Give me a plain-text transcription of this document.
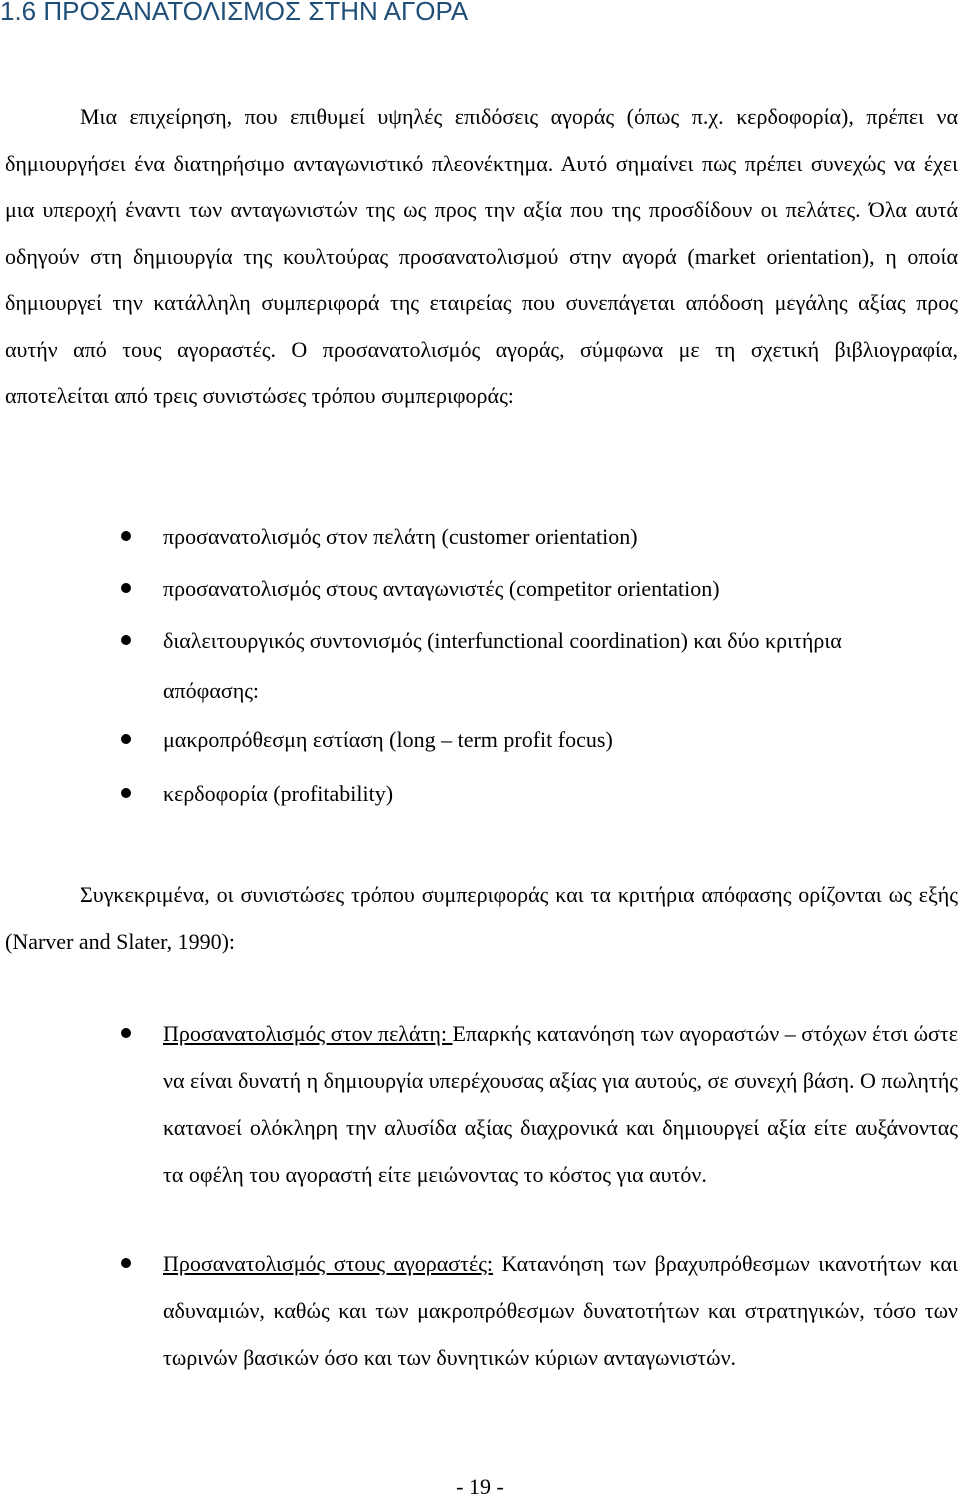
1.6 ΠΡΟΣΑΝΑΤΟΛΙΣΜΟΣ ΣΤΗΝ ΑΓΟΡΑ

Μια επιχείρηση, που επιθυμεί υψηλές επιδόσεις αγοράς (όπως π.χ. κερδοφορία), πρέπει να δημιουργήσει ένα διατηρήσιμο ανταγωνιστικό πλεονέκτημα. Αυτό σημαίνει πως πρέπει συνεχώς να έχει μια υπεροχή έναντι των ανταγωνιστών της ως προς την αξία που της προσδίδουν οι πελάτες. Όλα αυτά οδηγούν στη δημιουργία της κουλτούρας προσανατολισμού στην αγορά (market orientation), η οποία δημιουργεί την κατάλληλη συμπεριφορά της εταιρείας που συνεπάγεται απόδοση μεγάλης αξίας προς αυτήν από τους αγοραστές. Ο προσανατολισμός αγοράς, σύμφωνα με τη σχετική βιβλιογραφία, αποτελείται από τρεις συνιστώσες τρόπου συμπεριφοράς:

προσανατολισμός στον πελάτη (customer orientation)
προσανατολισμός στους ανταγωνιστές (competitor orientation)
διαλειτουργικός συντονισμός (interfunctional coordination) και δύο κριτήρια απόφασης:
μακροπρόθεσμη εστίαση (long – term profit focus)
κερδοφορία (profitability)

Συγκεκριμένα, οι συνιστώσες τρόπου συμπεριφοράς και τα κριτήρια απόφασης ορίζονται ως εξής (Narver and Slater, 1990):

Προσανατολισμός στον πελάτη: Επαρκής κατανόηση των αγοραστών – στόχων έτσι ώστε να είναι δυνατή η δημιουργία υπερέχουσας αξίας για αυτούς, σε συνεχή βάση. Ο πωλητής κατανοεί ολόκληρη την αλυσίδα αξίας διαχρονικά και δημιουργεί αξία είτε αυξάνοντας τα οφέλη του αγοραστή είτε μειώνοντας το κόστος για αυτόν.
Προσανατολισμός στους αγοραστές: Κατανόηση των βραχυπρόθεσμων ικανοτήτων και αδυναμιών, καθώς και των μακροπρόθεσμων δυνατοτήτων και στρατηγικών, τόσο των τωρινών βασικών όσο και των δυνητικών κύριων ανταγωνιστών.
- 19 -
